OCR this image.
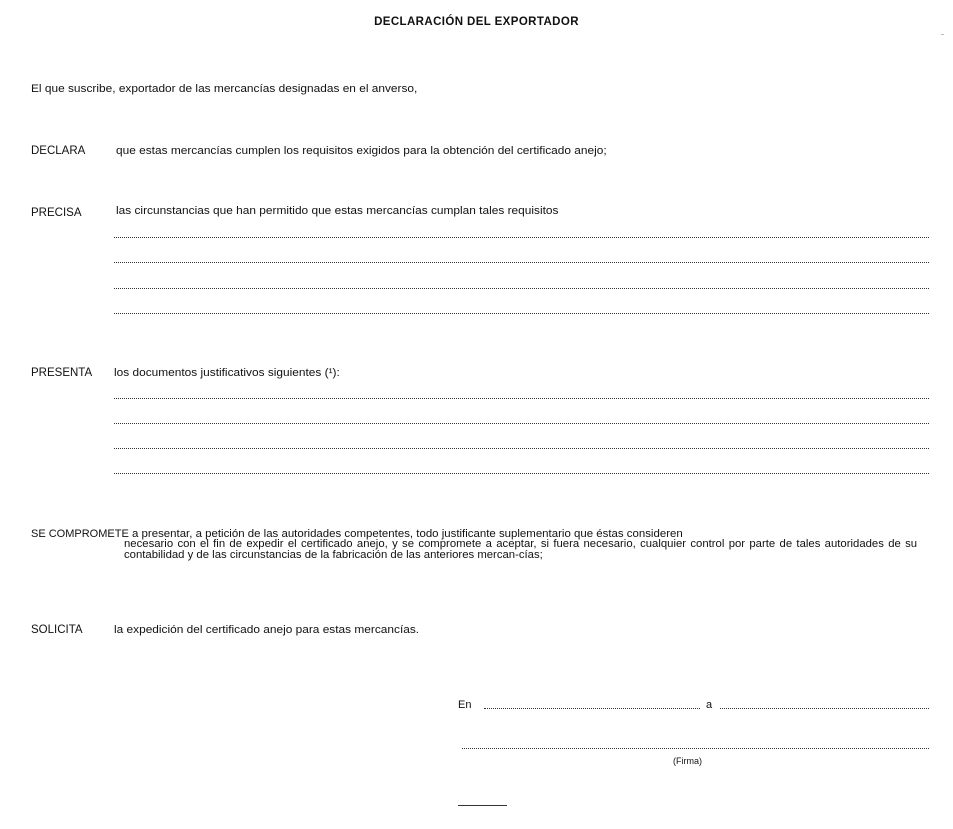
DECLARACIÓN DEL EXPORTADOR
El que suscribe, exportador de las mercancías designadas en el anverso,
DECLARA	que estas mercancías cumplen los requisitos exigidos para la obtención del certificado anejo;
PRECISA	las circunstancias que han permitido que estas mercancías cumplan tales requisitos
PRESENTA los documentos justificativos siguientes (¹):
SE COMPROMETE a presentar, a petición de las autoridades competentes, todo justificante suplementario que éstas consideren
necesario con el fin de expedir el certificado anejo, y se compromete a aceptar, si fuera necesario, cualquier control por parte de tales autoridades de su contabilidad y de las circunstancias de la fabricación de las anteriores mercan-cías;
SOLICITA	la expedición del certificado anejo para estas mercancías.
En	a
(Firma)
